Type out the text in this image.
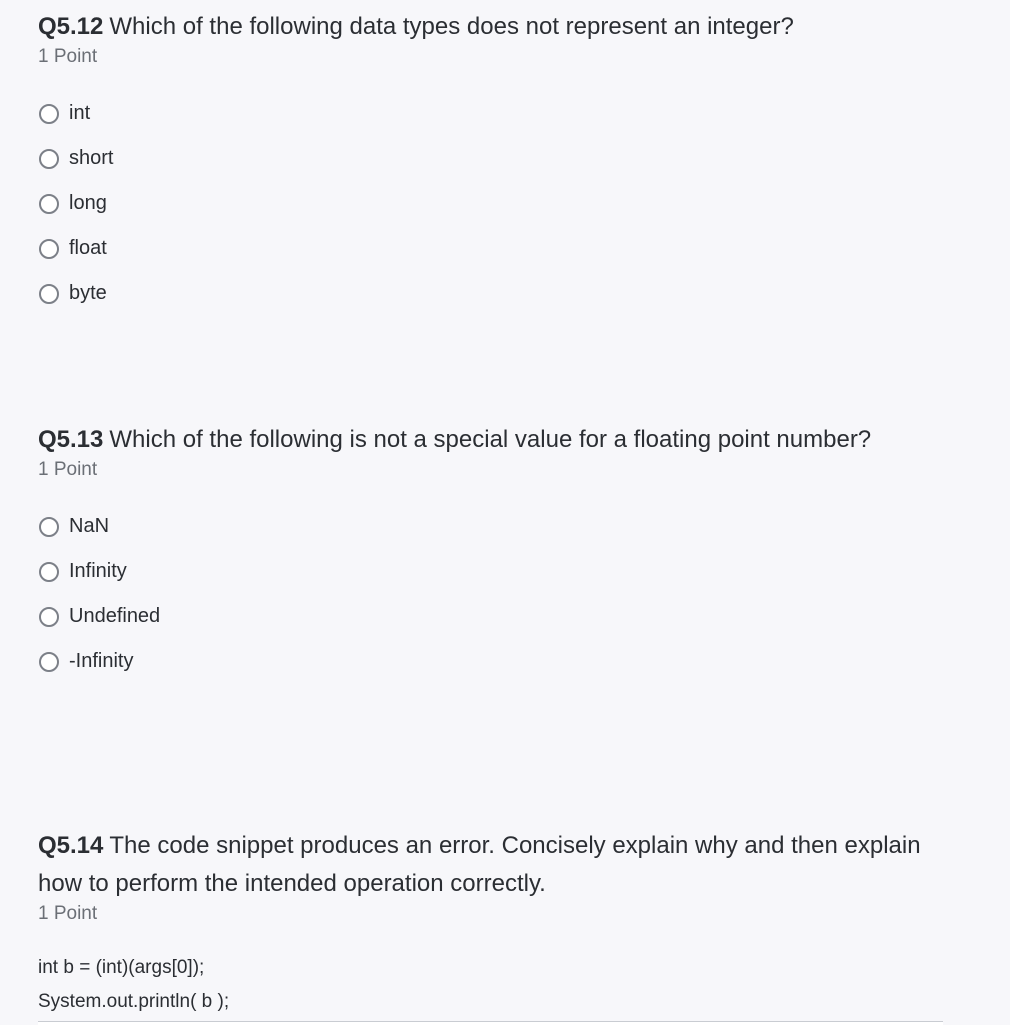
Q5.12 Which of the following data types does not represent an integer?
1 Point
int
short
long
float
byte
Q5.13 Which of the following is not a special value for a floating point number?
1 Point
NaN
Infinity
Undefined
-Infinity
Q5.14 The code snippet produces an error. Concisely explain why and then explain how to perform the intended operation correctly.
1 Point
int b = (int)(args[0]);
System.out.println( b );
